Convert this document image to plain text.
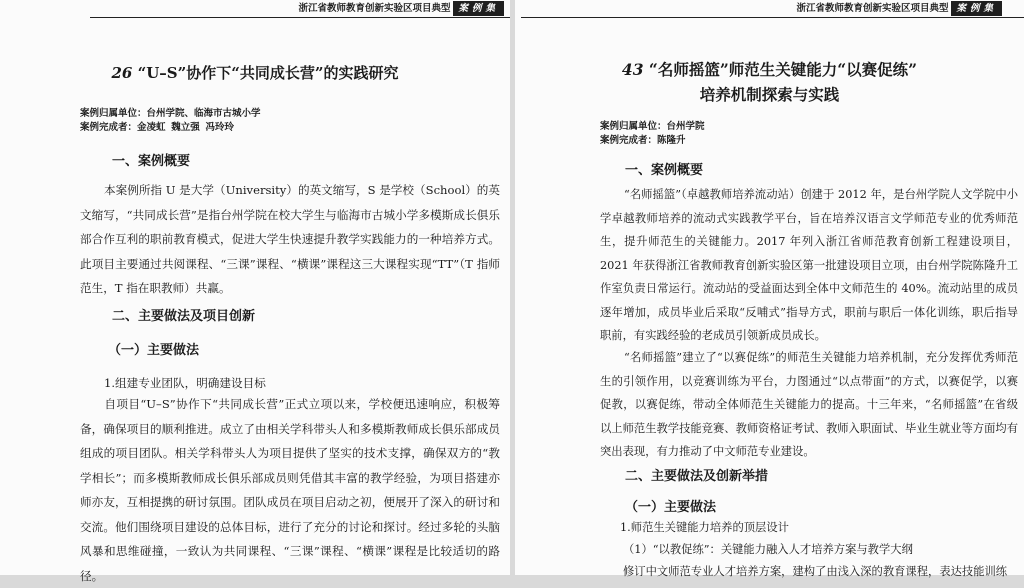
浙江省教师教育创新实验区项目典型 案例集
26 “U–S”协作下“共同成长营”的实践研究
案例归属单位：台州学院、临海市古城小学
案例完成者：金凌虹 魏立强 冯玲玲
一、案例概要
本案例所指 U 是大学（University）的英文缩写，S 是学校（School）的英文缩写，“共同成长营”是指台州学院在校大学生与临海市古城小学多模斯成长俱乐部合作互利的职前教育模式，促进大学生快速提升教学实践能力的一种培养方式。此项目主要通过共阅课程、“三课”课程、“横课”课程这三大课程实现“TT”（T 指师范生，T 指在职教师）共赢。
二、主要做法及项目创新
（一）主要做法
1.组建专业团队，明确建设目标
自项目“U–S”协作下“共同成长营”正式立项以来，学校便迅速响应，积极筹备，确保项目的顺利推进。成立了由相关学科带头人和多模斯教师成长俱乐部成员组成的项目团队。相关学科带头人为项目提供了坚实的技术支撑，确保双方的“教学相长”；而多模斯教师成长俱乐部成员则凭借其丰富的教学经验，为项目搭建亦师亦友，互相提携的研讨氛围。团队成员在项目启动之初，便展开了深入的研讨和交流。他们围绕项目建设的总体目标，进行了充分的讨论和探讨。经过多轮的头脑风暴和思维碰撞，一致认为共同课程、“三课”课程、“横课”课程是比较适切的路径。
浙江省教师教育创新实验区项目典型 案例集
43 “名师摇篮”师范生关键能力“以赛促练”
培养机制探索与实践
案例归属单位：台州学院
案例完成者：陈隆升
一、案例概要
“名师摇篮”（卓越教师培养流动站）创建于 2012 年，是台州学院人文学院中小学卓越教师培养的流动式实践教学平台，旨在培养汉语言文学师范专业的优秀师范生，提升师范生的关键能力。2017 年列入浙江省师范教育创新工程建设项目，2021 年获得浙江省教师教育创新实验区第一批建设项目立项，由台州学院陈隆升工作室负责日常运行。流动站的受益面达到全体中文师范生的 40%。流动站里的成员逐年增加，成员毕业后采取“反哺式”指导方式，职前与职后一体化训练，职后指导职前，有实践经验的老成员引领新成员成长。
“名师摇篮”建立了“以赛促练”的师范生关键能力培养机制，充分发挥优秀师范生的引领作用，以竞赛训练为平台，力图通过“以点带面”的方式，以赛促学，以赛促教，以赛促练，带动全体师范生关键能力的提高。十三年来，“名师摇篮”在省级以上师范生教学技能竞赛、教师资格证考试、教师入职面试、毕业生就业等方面均有突出表现，有力推动了中文师范专业建设。
二、主要做法及创新举措
（一）主要做法
1.师范生关键能力培养的顶层设计
（1）“以教促练”：关键能力融入人才培养方案与教学大纲
修订中文师范专业人才培养方案，建构了由浅入深的教育课程，表达技能训练
